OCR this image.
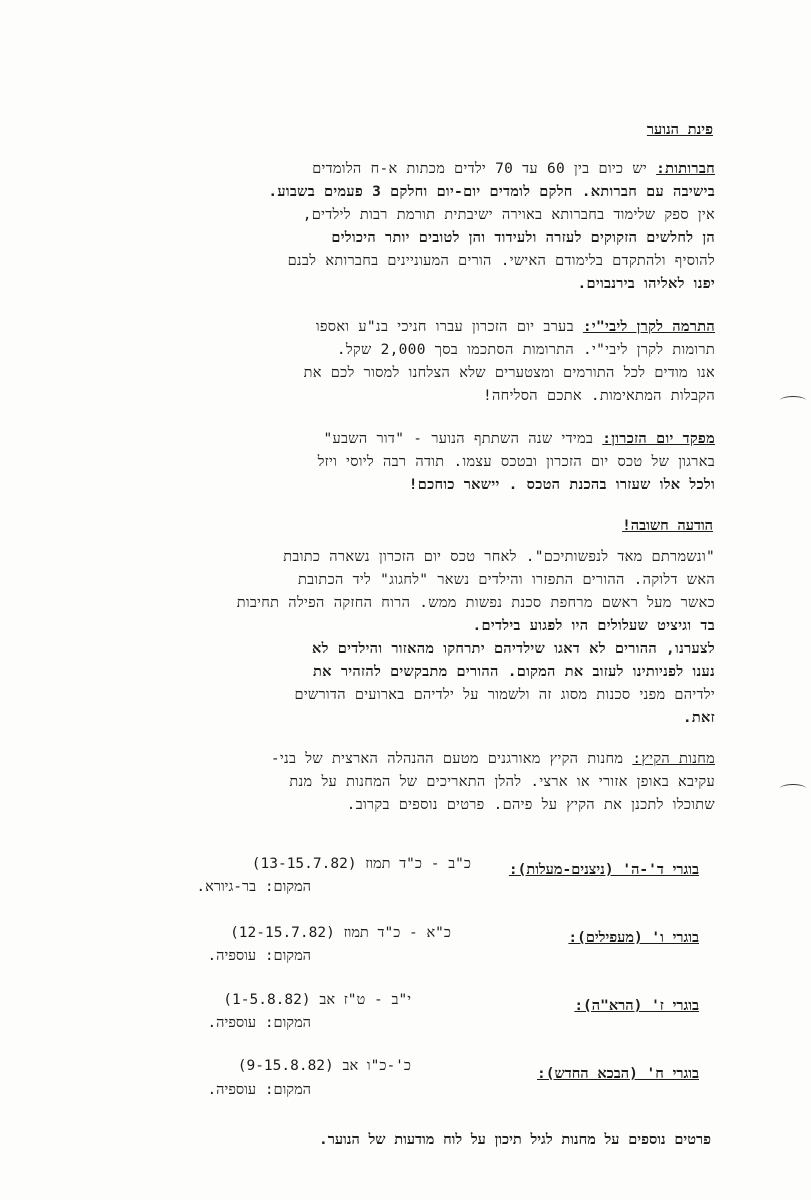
פינת הנוער
חברותות: יש כיום בין 60 עד 70 ילדים מכתות א-ח הלומדים
בישיבה עם חברותא. חלקם לומדים יום-יום וחלקם 3 פעמים בשבוע.
אין ספק שלימוד בחברותא באוירה ישיבתית תורמת רבות לילדים,
הן לחלשים הזקוקים לעזרה ולעידוד והן לטובים יותר היכולים
להוסיף ולהתקדם בלימודם האישי. הורים המעוניינים בחברותא לבנם
יפנו לאליהו בירנבוים.
התרמה לקרן ליבי"י: בערב יום הזכרון עברו חניכי בנ"ע ואספו
תרומות לקרן ליבי"י. התרומות הסתכמו בסך 2,000 שקל.
אנו מודים לכל התורמים ומצטערים שלא הצלחנו למסור לכם את
הקבלות המתאימות. אתכם הסליחה!
מפקד יום הזכרון: במידי שנה השתתף הנוער - "דור השבע"
בארגון של טכס יום הזכרון ובטכס עצמו. תודה רבה ליוסי ויזל
ולכל אלו שעזרו בהכנת הטכס . יישאר כוחכם!
הודעה חשובה!
"ונשמרתם מאד לנפשותיכם". לאחר טכס יום הזכרון נשארה כתובת
האש דלוקה. ההורים התפזרו והילדים נשאר "לחגוג" ליד הכתובת
כאשר מעל ראשם מרחפת סכנת נפשות ממש. הרוח החזקה הפילה תחיבות
בד וגיציט שעלולים היו לפגוע בילדים.
לצערנו, ההורים לא דאגו שילדיהם יתרחקו מהאזור והילדים לא
נענו לפניותינו לעזוב את המקום. ההורים מתבקשים להזהיר את
ילדיהם מפני סכנות מסוג זה ולשמור על ילדיהם בארועים הדורשים
זאת.
מחנות הקיץ: מחנות הקיץ מאורגנים מטעם ההנהלה הארצית של בני-
עקיבא באופן אזורי או ארצי. להלן התאריכים של המחנות על מנת
שתוכלו לתכנן את הקיץ על פיהם. פרטים נוספים בקרוב.
בוגרי ד'-ה' (ניצנים-מעלות):
כ"ב - כ"ד תמוז (13-15.7.82)
המקום: בר-גיורא.
בוגרי ו' (מעפילים):
כ"א - כ"ד תמוז (12-15.7.82)
המקום: עוספיה.
בוגרי ז' (הרא"ה):
י"ב - ט"ז אב (1-5.8.82)
המקום: עוספיה.
בוגרי ח' (הבכא החדש):
כ'-כ"ו אב (9-15.8.82)
המקום: עוספיה.
פרטים נוספים על מחנות לגיל תיכון על לוח מודעות של הנוער.
